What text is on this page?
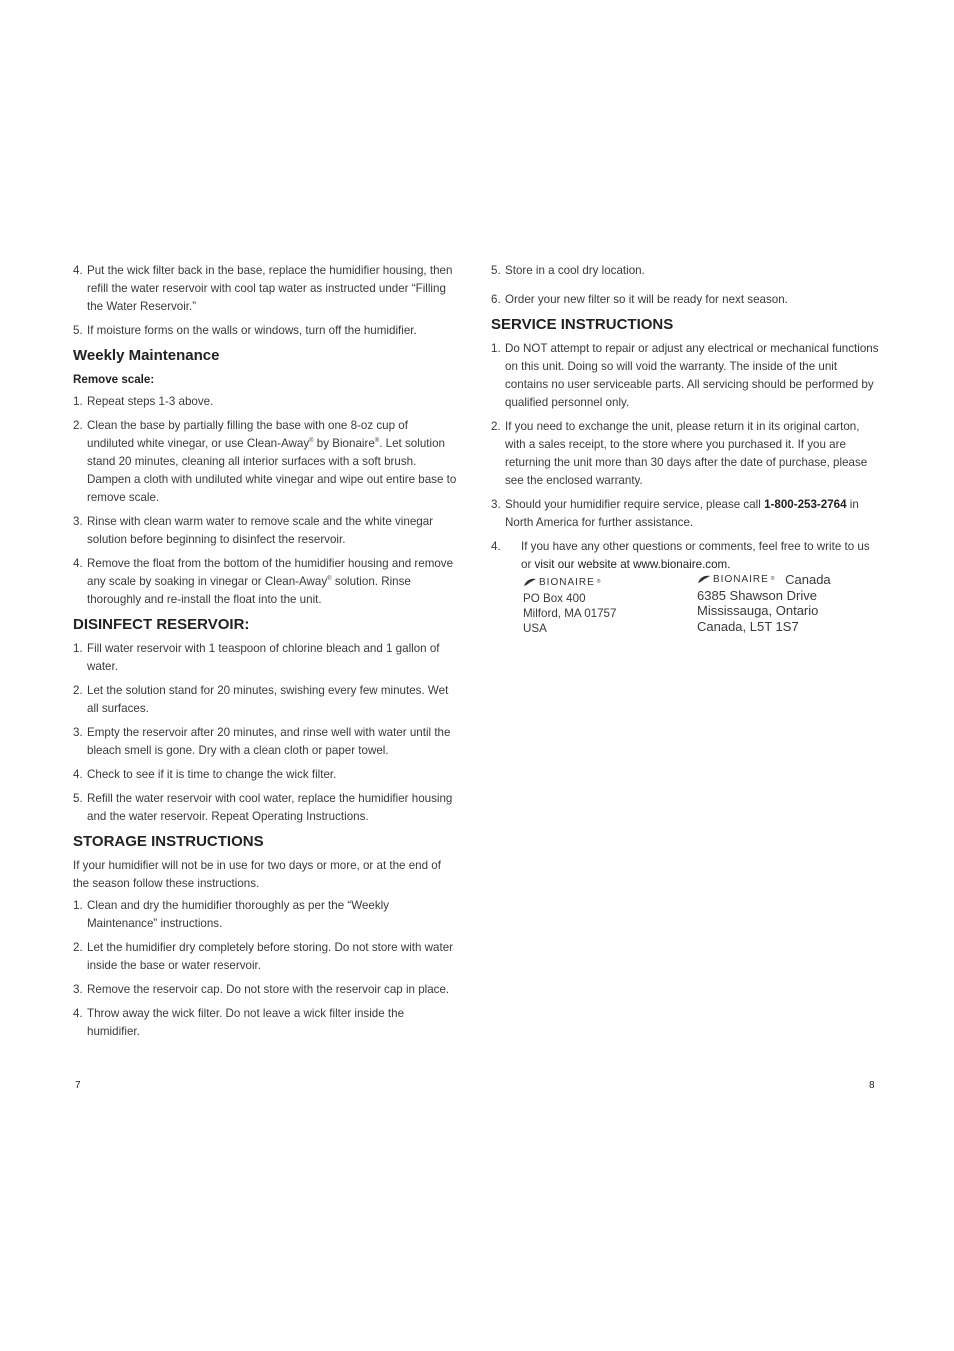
4. Put the wick filter back in the base, replace the humidifier housing, then refill the water reservoir with cool tap water as instructed under “Filling the Water Reservoir.”

5. If moisture forms on the walls or windows, turn off the humidifier.

Weekly Maintenance
Remove scale:
1. Repeat steps 1-3 above.

2. Clean the base by partially filling the base with one 8-oz cup of undiluted white vinegar, or use Clean-Away® by Bionaire®. Let solution stand 20 minutes, cleaning all interior surfaces with a soft brush. Dampen a cloth with undiluted white vinegar and wipe out entire base to remove scale.

3. Rinse with clean warm water to remove scale and the white vinegar solution before beginning to disinfect the reservoir.

4. Remove the float from the bottom of the humidifier housing and remove any scale by soaking in vinegar or Clean-Away® solution. Rinse thoroughly and re-install the float into the unit.

DISINFECT RESERVOIR:
1. Fill water reservoir with 1 teaspoon of chlorine bleach and 1 gallon of water.

2. Let the solution stand for 20 minutes, swishing every few minutes. Wet all surfaces.

3. Empty the reservoir after 20 minutes, and rinse well with water until the bleach smell is gone. Dry with a clean cloth or paper towel.

4. Check to see if it is time to change the wick filter.

5. Refill the water reservoir with cool water, replace the humidifier housing and the water reservoir. Repeat Operating Instructions.

STORAGE INSTRUCTIONS

If your humidifier will not be in use for two days or more, or at the end of the season follow these instructions.

1. Clean and dry the humidifier thoroughly as per the “Weekly Maintenance” instructions.

2. Let the humidifier dry completely before storing. Do not store with water inside the base or water reservoir.

3. Remove the reservoir cap. Do not store with the reservoir cap in place.

4. Throw away the wick filter. Do not leave a wick filter inside the humidifier.

5. Store in a cool dry location.

6. Order your new filter so it will be ready for next season.

SERVICE INSTRUCTIONS
1. Do NOT attempt to repair or adjust any electrical or mechanical functions on this unit. Doing so will void the warranty. The inside of the unit contains no user serviceable parts. All servicing should be performed by qualified personnel only.

2. If you need to exchange the unit, please return it in its original carton, with a sales receipt, to the store where you purchased it. If you are returning the unit more than 30 days after the date of purchase, please see the enclosed warranty.

3. Should your humidifier require service, please call 1-800-253-2764 in North America for further assistance.

4. If you have any other questions or comments, feel free to write to us or visit our website at www.bionaire.com.

BIONAIRE ®
PO Box 400
Milford, MA 01757
USA
BIONAIRE ® Canada
6385 Shawson Drive
Mississauga, Ontario
Canada, L5T 1S7
7	8
